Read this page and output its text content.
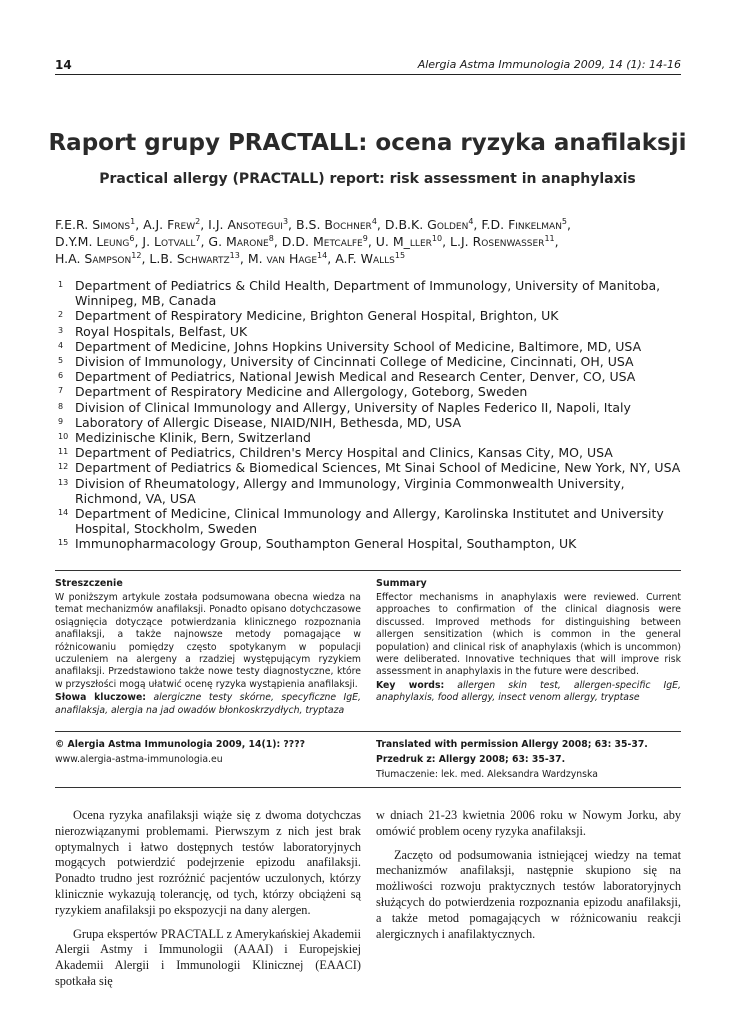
14	Alergia Astma Immunologia 2009, 14 (1): 14-16
Raport grupy PRACTALL: ocena ryzyka anafilaksji
Practical allergy (PRACTALL) report: risk assessment in anaphylaxis
F.E.R. Simons$^1$, A.J. Frew$^2$, I.J. Ansotegui$^3$, B.S. Bochner$^4$, D.B.K. Golden$^4$, F.D. Finkelman$^5$,
D.Y.M. Leung$^6$, J. Lotvall$^7$, G. Marone$^8$, D.D. Metcalfe$^9$, U. M_ller$^{10}$, L.J. Rosenwasser$^{11}$,
H.A. Sampson$^{12}$, L.B. Schwartz$^{13}$, M. van Hage$^{14}$, A.F. Walls$^{15}$
1 Department of Pediatrics & Child Health, Department of Immunology, University of Manitoba, Winnipeg, MB, Canada
2 Department of Respiratory Medicine, Brighton General Hospital, Brighton, UK
3 Royal Hospitals, Belfast, UK
4 Department of Medicine, Johns Hopkins University School of Medicine, Baltimore, MD, USA
5 Division of Immunology, University of Cincinnati College of Medicine, Cincinnati, OH, USA
6 Department of Pediatrics, National Jewish Medical and Research Center, Denver, CO, USA
7 Department of Respiratory Medicine and Allergology, Goteborg, Sweden
8 Division of Clinical Immunology and Allergy, University of Naples Federico II, Napoli, Italy
9 Laboratory of Allergic Disease, NIAID/NIH, Bethesda, MD, USA
10 Medizinische Klinik, Bern, Switzerland
11 Department of Pediatrics, Children's Mercy Hospital and Clinics, Kansas City, MO, USA
12 Department of Pediatrics & Biomedical Sciences, Mt Sinai School of Medicine, New York, NY, USA
13 Division of Rheumatology, Allergy and Immunology, Virginia Commonwealth University, Richmond, VA, USA
14 Department of Medicine, Clinical Immunology and Allergy, Karolinska Institutet and University Hospital, Stockholm, Sweden
15 Immunopharmacology Group, Southampton General Hospital, Southampton, UK
Streszczenie
W poniższym artykule została podsumowana obecna wiedza na temat mechanizmów anafilaksji. Ponadto opisano dotychczasowe osiągnięcia dotyczące potwierdzania klinicznego rozpoznania anafilaksji, a także najnowsze metody pomagające w różnicowaniu pomiędzy często spotykanym w populacji uczuleniem na alergeny a rzadziej występującym ryzykiem anafilaksji. Przedstawiono także nowe testy diagnostyczne, które w przyszłości mogą ułatwić ocenę ryzyka wystąpienia anafilaksji.
Słowa kluczowe: alergiczne testy skórne, specyficzne IgE, anafilaksja, alergia na jad owadów błonkoskrzydłych, tryptaza
Summary
Effector mechanisms in anaphylaxis were reviewed. Current approaches to confirmation of the clinical diagnosis were discussed. Improved methods for distinguishing between allergen sensitization (which is common in the general population) and clinical risk of anaphylaxis (which is uncommon) were deliberated. Innovative techniques that will improve risk assessment in anaphylaxis in the future were described.
Key words: allergen skin test, allergen-specific IgE, anaphylaxis, food allergy, insect venom allergy, tryptase
© Alergia Astma Immunologia 2009, 14(1): ????
www.alergia-astma-immunologia.eu
Translated with permission Allergy 2008; 63: 35-37.
Przedruk z: Allergy 2008; 63: 35-37.
Tłumaczenie: lek. med. Aleksandra Wardzynska

Ocena ryzyka anafilaksji wiąże się z dwoma dotychczas nierozwiązanymi problemami. Pierwszym z nich jest brak optymalnych i łatwo dostępnych testów laboratoryjnych mogących potwierdzić podejrzenie epizodu anafilaksji. Ponadto trudno jest rozróżnić pacjentów uczulonych, którzy klinicznie wykazują tolerancję, od tych, którzy obciążeni są ryzykiem anafilaksji po ekspozycji na dany alergen.

Grupa ekspertów PRACTALL z Amerykańskiej Akademii Alergii Astmy i Immunologii (AAAI) i Europejskiej Akademii Alergii i Immunologii Klinicznej (EAACI) spotkała się

w dniach 21-23 kwietnia 2006 roku w Nowym Jorku, aby omówić problem oceny ryzyka anafilaksji.

Zaczęto od podsumowania istniejącej wiedzy na temat mechanizmów anafilaksji, następnie skupiono się na możliwości rozwoju praktycznych testów laboratoryjnych służących do potwierdzenia rozpoznania epizodu anafilaksji, a także metod pomagających w różnicowaniu reakcji alergicznych i anafilaktycznych.
